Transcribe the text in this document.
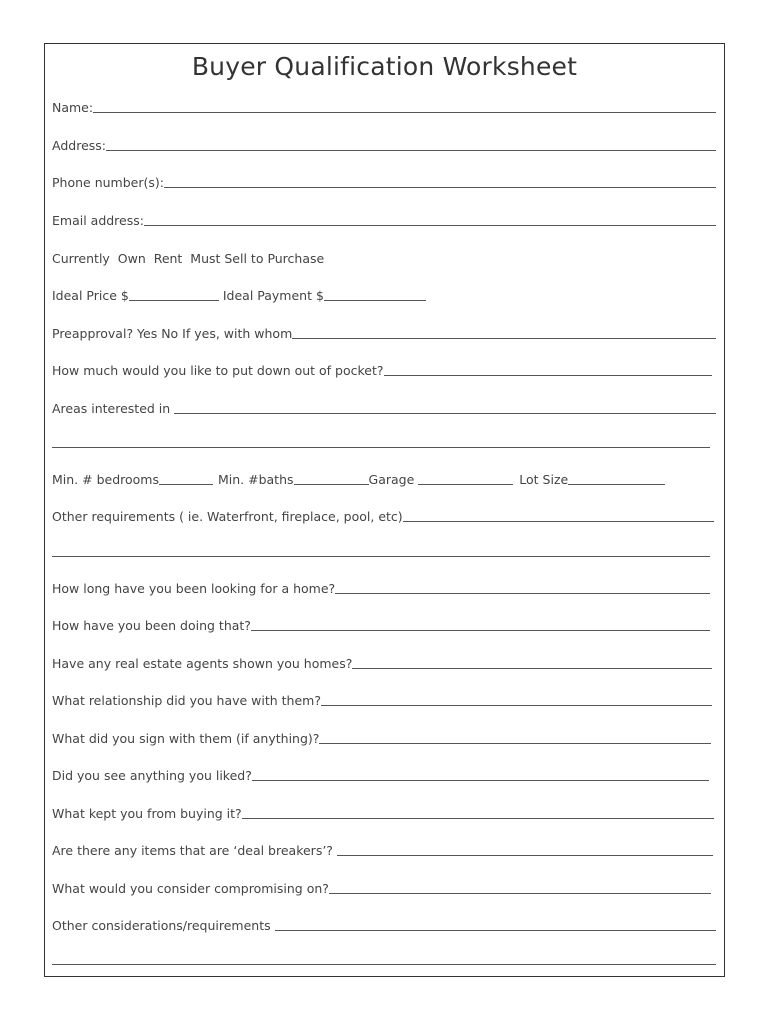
Buyer Qualification Worksheet
Name:
Address:
Phone number(s):
Email address:
Currently  Own  Rent  Must Sell to Purchase
Ideal Price $	Ideal Payment $
Preapproval? Yes No If yes, with whom
How much would you like to put down out of pocket?
Areas interested in
Min. # bedrooms	Min. #baths	Garage	Lot Size
Other requirements ( ie. Waterfront, fireplace, pool, etc)
How long have you been looking for a home?
How have you been doing that?
Have any real estate agents shown you homes?
What relationship did you have with them?
What did you sign with them (if anything)?
Did you see anything you liked?
What kept you from buying it?
Are there any items that are ‘deal breakers’?
What would you consider compromising on?
Other considerations/requirements
